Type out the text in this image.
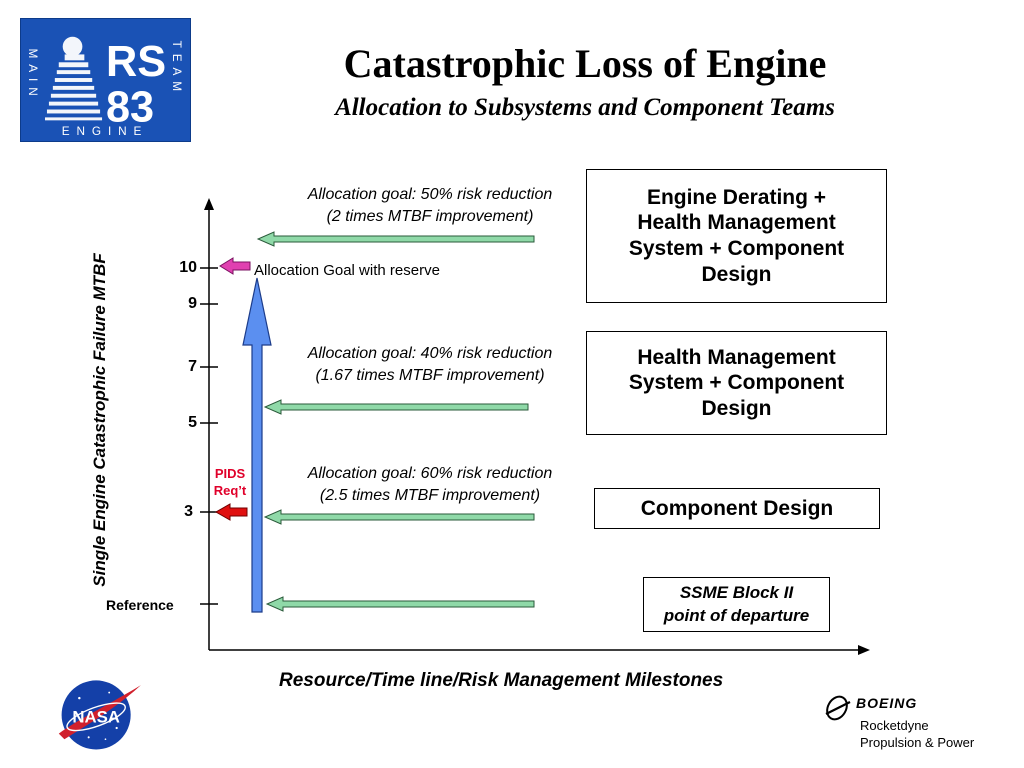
RS
83
MAIN	TEAM
ENGINE
Catastrophic Loss of Engine
Allocation to Subsystems and Component Teams
Single Engine Catastrophic Failure MTBF	10
9
7
5
3
Reference
Allocation Goal with reserve
PIDS
Req’t
Allocation goal: 50% risk reduction
(2 times MTBF improvement)
Allocation goal: 40% risk reduction
(1.67 times MTBF improvement)
Allocation goal: 60% risk reduction
(2.5 times MTBF improvement)
Engine Derating +
Health Management
System + Component
Design
Health Management
System + Component
Design
Component Design
SSME Block II
point of departure
Resource/Time line/Risk Management Milestones
NASA
BOEING
Rocketdyne
Propulsion & Power
